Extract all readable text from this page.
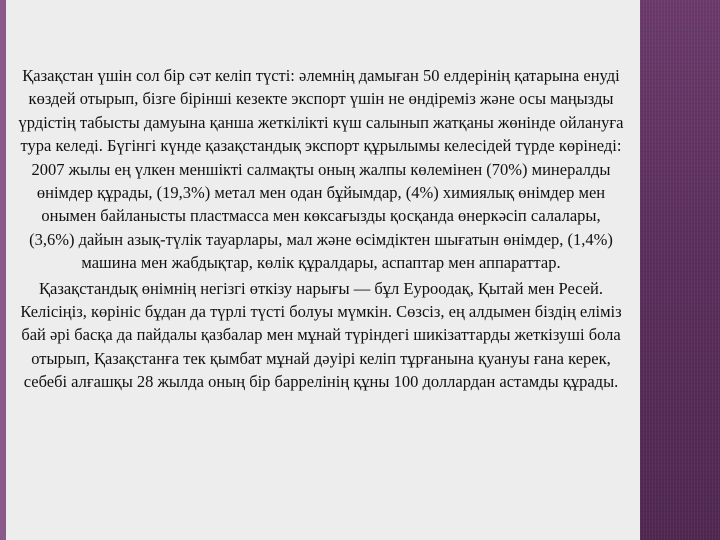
Қазақстан үшін сол бір сәт келіп түсті: әлемнің дамыған 50 елдерінің қатарына енуді көздей отырып, бізге бірінші кезекте экспорт үшін не өндіреміз және осы маңызды үрдістің табысты дамуына қанша жеткілікті күш салынып жатқаны жөнінде ойлануға тура келеді. Бүгінгі күнде қазақстандық экспорт құрылымы келесідей түрде көрінеді: 2007 жылы ең үлкен меншікті салмақты оның жалпы көлемінен (70%) минералды өнімдер құрады, (19,3%) метал мен одан бұйымдар, (4%) химиялық өнімдер мен онымен байланысты пластмасса мен көксағызды қосқанда өнеркәсіп салалары, (3,6%) дайын азық-түлік тауарлары, мал және өсімдіктен шығатын өнімдер, (1,4%) машина мен жабдықтар, көлік құралдары, аспаптар мен аппараттар.

Қазақстандық өнімнің негізгі өткізу нарығы — бұл Еуроодақ, Қытай мен Ресей. Келісіңіз, көрініс бұдан да түрлі түсті болуы мүмкін. Сөзсіз, ең алдымен біздің еліміз бай әрі басқа да пайдалы қазбалар мен мұнай түріндегі шикізаттарды жеткізуші бола отырып, Қазақстанға тек қымбат мұнай дәуірі келіп тұрғанына қуануы ғана керек, себебі алғашқы 28 жылда оның бір баррелінің құны 100 доллардан астамды құрады.
